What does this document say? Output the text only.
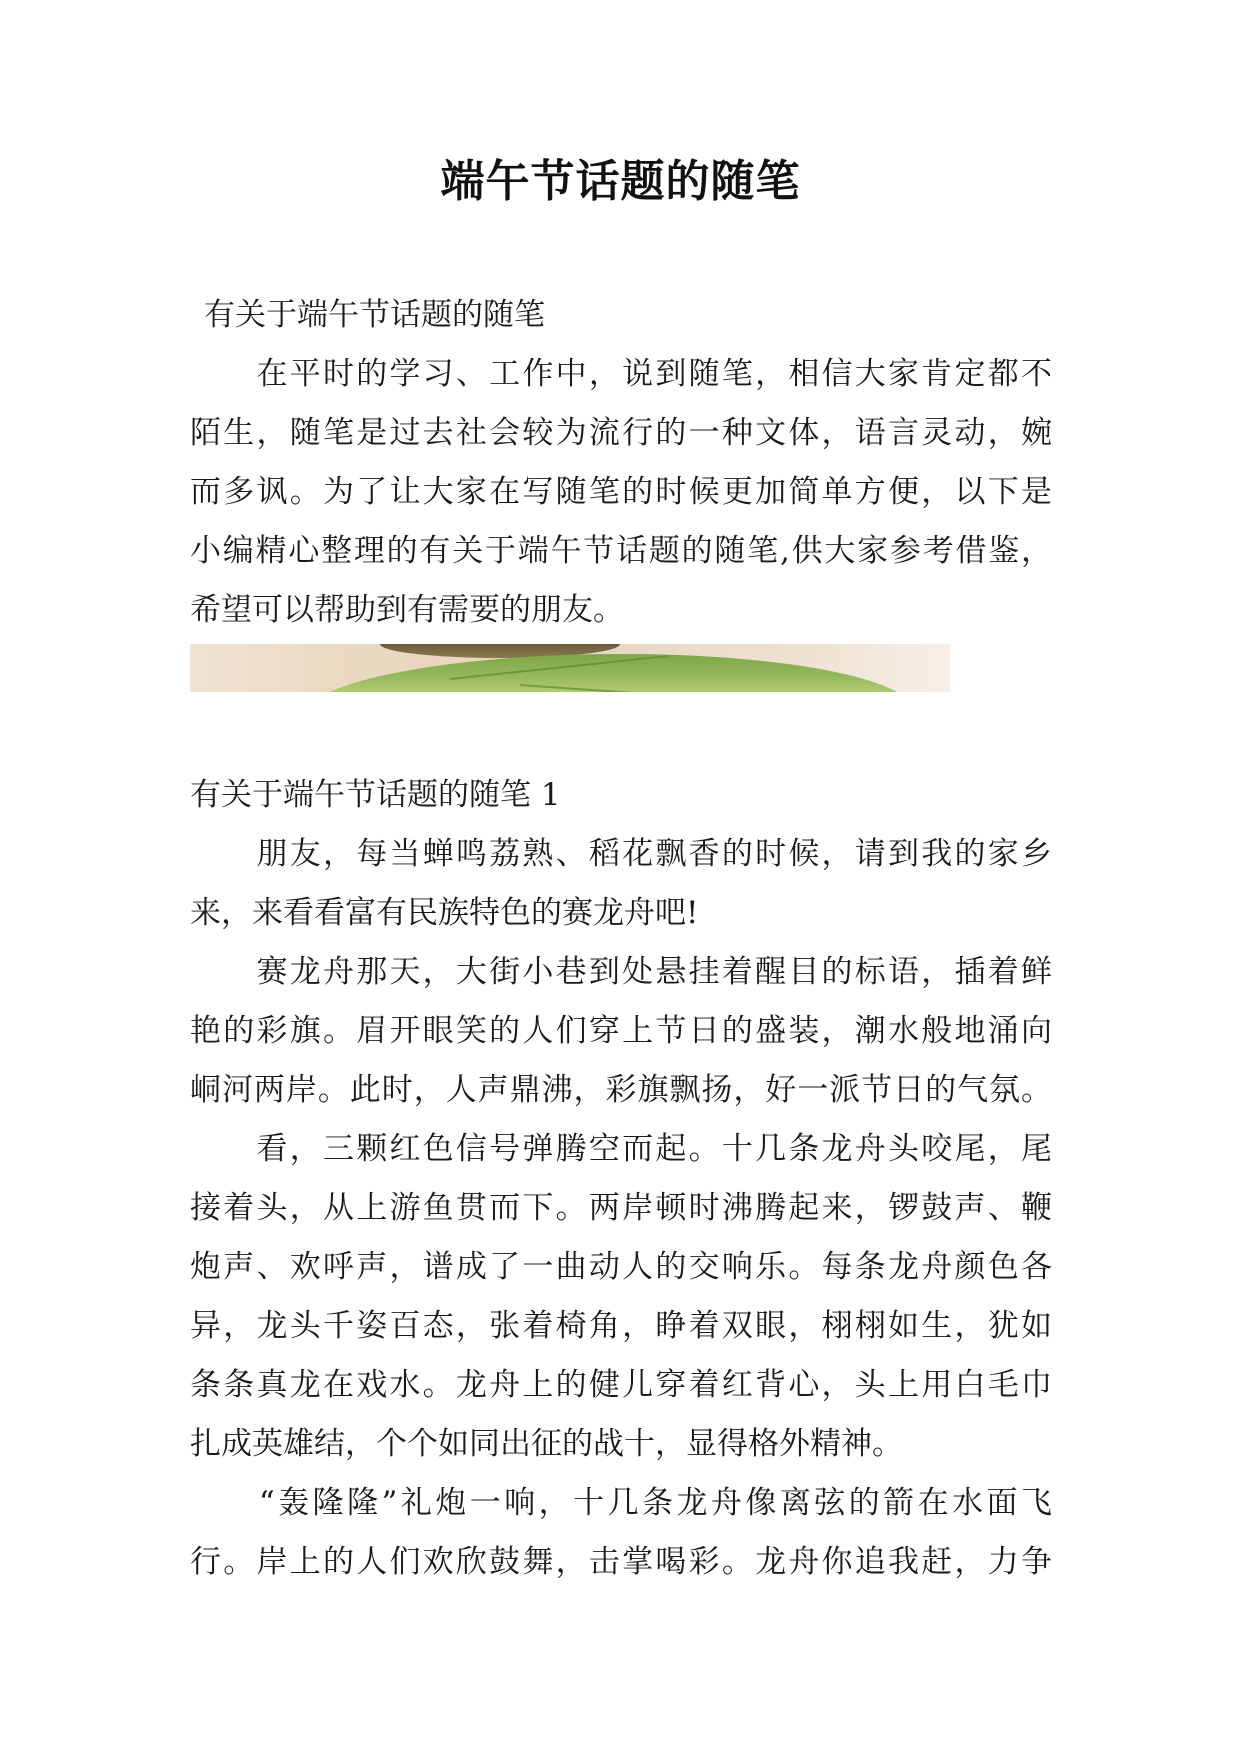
端午节话题的随笔

有关于端午节话题的随笔

　　在平时的学习、工作中，说到随笔，相信大家肯定都不

陌生，随笔是过去社会较为流行的一种文体，语言灵动，婉

而多讽。为了让大家在写随笔的时候更加简单方便，以下是

小编精心整理的有关于端午节话题的随笔,供大家参考借鉴，

希望可以帮助到有需要的朋友。

有关于端午节话题的随笔 1

　　朋友，每当蝉鸣荔熟、稻花飘香的时候，请到我的家乡

来，来看看富有民族特色的赛龙舟吧!

　　赛龙舟那天，大街小巷到处悬挂着醒目的标语，插着鲜

艳的彩旗。眉开眼笑的人们穿上节日的盛装，潮水般地涌向

峒河两岸。此时，人声鼎沸，彩旗飘扬，好一派节日的气氛。

　　看，三颗红色信号弹腾空而起。十几条龙舟头咬尾，尾

接着头，从上游鱼贯而下。两岸顿时沸腾起来，锣鼓声、鞭

炮声、欢呼声，谱成了一曲动人的交响乐。每条龙舟颜色各

异，龙头千姿百态，张着椅角，睁着双眼，栩栩如生，犹如

条条真龙在戏水。龙舟上的健儿穿着红背心，头上用白毛巾

扎成英雄结，个个如同出征的战十，显得格外精神。

　　“轰隆隆”礼炮一响，十几条龙舟像离弦的箭在水面飞

行。岸上的人们欢欣鼓舞，击掌喝彩。龙舟你追我赶，力争
